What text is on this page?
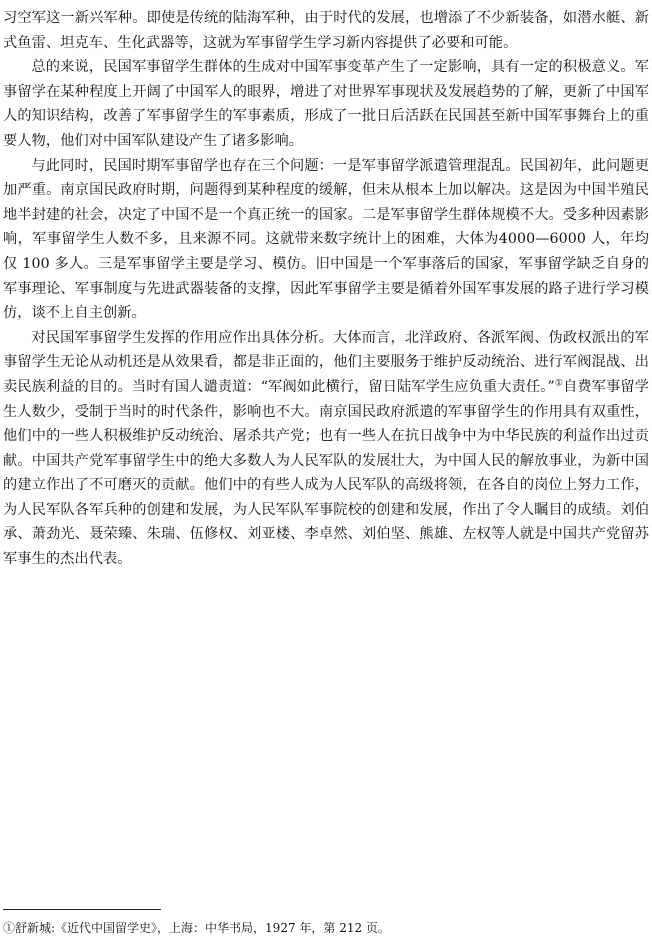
习空军这一新兴军种。即使是传统的陆海军种，由于时代的发展，也增添了不少新装备，如潜水艇、新式鱼雷、坦克车、生化武器等，这就为军事留学生学习新内容提供了必要和可能。

总的来说，民国军事留学生群体的生成对中国军事变革产生了一定影响，具有一定的积极意义。军事留学在某种程度上开阔了中国军人的眼界，增进了对世界军事现状及发展趋势的了解，更新了中国军人的知识结构，改善了军事留学生的军事素质，形成了一批日后活跃在民国甚至新中国军事舞台上的重要人物，他们对中国军队建设产生了诸多影响。

与此同时，民国时期军事留学也存在三个问题：一是军事留学派遣管理混乱。民国初年，此问题更加严重。南京国民政府时期，问题得到某种程度的缓解，但未从根本上加以解决。这是因为中国半殖民地半封建的社会，决定了中国不是一个真正统一的国家。二是军事留学生群体规模不大。受多种因素影响，军事留学生人数不多，且来源不同。这就带来数字统计上的困难，大体为4000—6000 人，年均仅 100 多人。三是军事留学主要是学习、模仿。旧中国是一个军事落后的国家，军事留学缺乏自身的军事理论、军事制度与先进武器装备的支撑，因此军事留学主要是循着外国军事发展的路子进行学习模仿，谈不上自主创新。

对民国军事留学生发挥的作用应作出具体分析。大体而言，北洋政府、各派军阀、伪政权派出的军事留学生无论从动机还是从效果看，都是非正面的，他们主要服务于维护反动统治、进行军阀混战、出卖民族利益的目的。当时有国人谴责道：“军阀如此横行，留日陆军学生应负重大责任。”①自费军事留学生人数少，受制于当时的时代条件，影响也不大。南京国民政府派遣的军事留学生的作用具有双重性，他们中的一些人积极维护反动统治、屠杀共产党；也有一些人在抗日战争中为中华民族的利益作出过贡献。中国共产党军事留学生中的绝大多数人为人民军队的发展壮大，为中国人民的解放事业，为新中国的建立作出了不可磨灭的贡献。他们中的有些人成为人民军队的高级将领，在各自的岗位上努力工作，为人民军队各军兵种的创建和发展，为人民军队军事院校的创建和发展，作出了令人瞩目的成绩。刘伯承、萧劲光、聂荣臻、朱瑞、伍修权、刘亚楼、李卓然、刘伯坚、熊雄、左权等人就是中国共产党留苏军事生的杰出代表。

①舒新城:《近代中国留学史》，上海：中华书局，1927 年，第 212 页。
